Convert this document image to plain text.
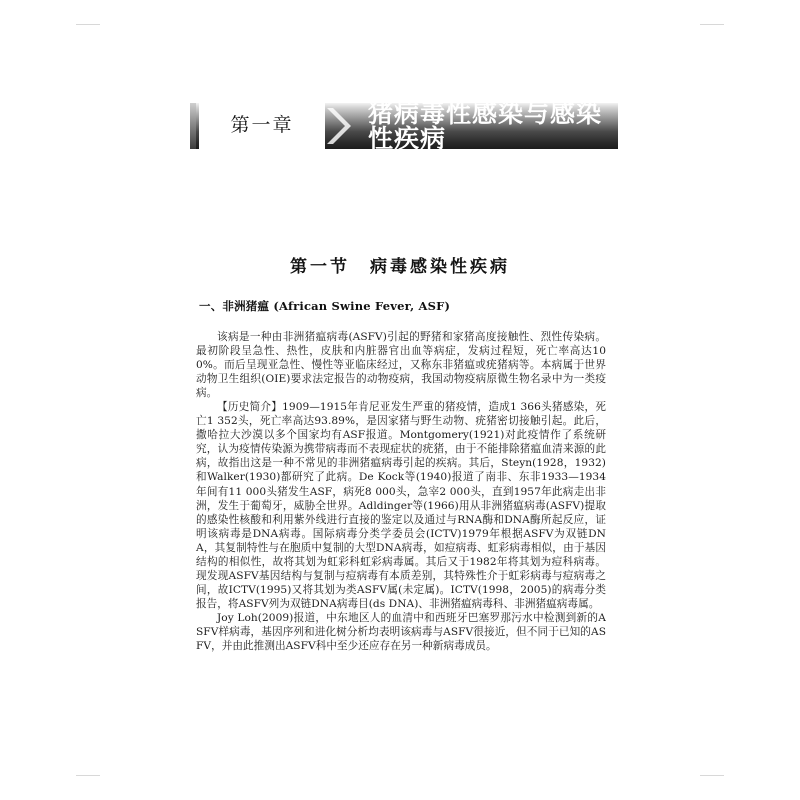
第一章	猪病毒性感染与感染性疾病
第一节　病毒感染性疾病
一、非洲猪瘟 (African Swine Fever, ASF)

该病是一种由非洲猪瘟病毒(ASFV)引起的野猪和家猪高度接触性、烈性传染病。最初阶段呈急性、热性，皮肤和内脏器官出血等病症，发病过程短，死亡率高达100%。而后呈现亚急性、慢性等亚临床经过，又称东非猪瘟或疣猪病等。本病属于世界动物卫生组织(OIE)要求法定报告的动物疫病，我国动物疫病原微生物名录中为一类疫病。

【历史简介】1909—1915年肯尼亚发生严重的猪疫情，造成1 366头猪感染，死亡1 352头，死亡率高达93.89%，是因家猪与野生动物、疣猪密切接触引起。此后，撒哈拉大沙漠以多个国家均有ASF报道。Montgomery(1921)对此疫情作了系统研究，认为疫情传染源为携带病毒而不表现症状的疣猪，由于不能排除猪瘟血清来源的此病，故指出这是一种不常见的非洲猪瘟病毒引起的疾病。其后，Steyn(1928，1932)和Walker(1930)都研究了此病。De Kock等(1940)报道了南非、东非1933—1934年间有11 000头猪发生ASF，病死8 000头，急宰2 000头，直到1957年此病走出非洲，发生于葡萄牙，威胁全世界。Adldinger等(1966)用从非洲猪瘟病毒(ASFV)提取的感染性核酸和利用紫外线进行直接的鉴定以及通过与RNA酶和DNA酶所起反应，证明该病毒是DNA病毒。国际病毒分类学委员会(ICTV)1979年根据ASFV为双链DNA，其复制特性与在胞质中复制的大型DNA病毒，如痘病毒、虹彩病毒相似，由于基因结构的相似性，故将其划为虹彩科虹彩病毒属。其后又于1982年将其划为痘科病毒。现发现ASFV基因结构与复制与痘病毒有本质差别，其特殊性介于虹彩病毒与痘病毒之间，故ICTV(1995)又将其划为类ASFV属(未定属)。ICTV(1998，2005)的病毒分类报告，将ASFV列为双链DNA病毒目(ds DNA)、非洲猪瘟病毒科、非洲猪瘟病毒属。

Joy Loh(2009)报道，中东地区人的血清中和西班牙巴塞罗那污水中检测到新的ASFV样病毒，基因序列和进化树分析均表明该病毒与ASFV很接近，但不同于已知的ASFV，并由此推测出ASFV科中至少还应存在另一种新病毒成员。
